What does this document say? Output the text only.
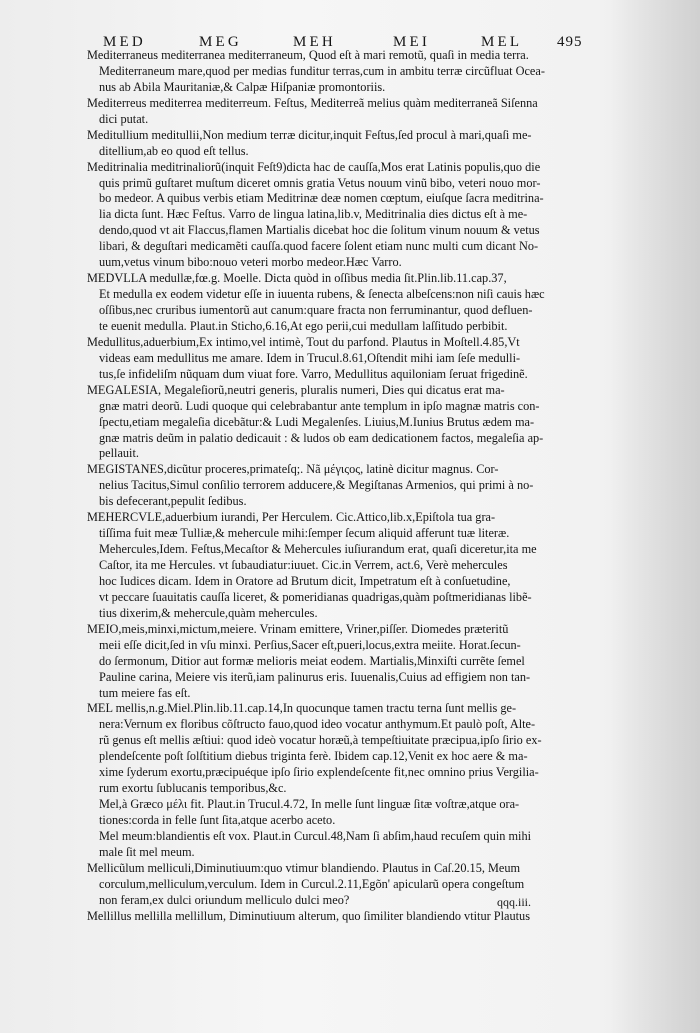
MED	MEG	MEH	MEI	MEL 495
Mediterraneus mediterranea mediterraneum, Quod eſt à mari remotũ, quaſi in media terra.
Mediterraneum mare,quod per medias funditur terras,cum in ambitu terræ circũfluat Ocea-
nus ab Abila Mauritaniæ,& Calpæ Hiſpaniæ promontoriis.
Mediterreus mediterrea mediterreum. Feſtus, Mediterreã melius quàm mediterraneã Siſenna
dici putat.
Meditullium meditullii,Non medium terræ dicitur,inquit Feſtus,ſed procul à mari,quaſi me-
ditellium,ab eo quod eſt tellus.
Meditrinalia meditrinaliorũ(inquit Feſt9)dicta hac de cauſſa,Mos erat Latinis populis,quo die
quis primũ guſtaret muſtum diceret omnis gratia Vetus nouum vinũ bibo, veteri nouo mor-
bo medeor. A quibus verbis etiam Meditrinæ deæ nomen cœptum, eiuſque ſacra meditrina-
lia dicta ſunt. Hæc Feſtus. Varro de lingua latina,lib.v, Meditrinalia dies dictus eſt à me-
dendo,quod vt ait Flaccus,flamen Martialis dicebat hoc die ſolitum vinum nouum & vetus
libari, & deguſtari medicamẽti cauſſa.quod facere ſolent etiam nunc multi cum dicant No-
uum,vetus vinum bibo:nouo veteri morbo medeor.Hæc Varro.
MEDVLLA medullæ,fœ.g. Moelle. Dicta quòd in oſſibus media ſit.Plin.lib.11.cap.37,
Et medulla ex eodem videtur eſſe in iuuenta rubens, & ſenecta albeſcens:non niſi cauis hæc
oſſibus,nec cruribus iumentorũ aut canum:quare fracta non ferruminantur, quod defluen-
te euenit medulla. Plaut.in Sticho,6.16,At ego perii,cui medullam laſſitudo perbibit.
Medullitus,aduerbium,Ex intimo,vel intimè, Tout du parfond. Plautus in Moſtell.4.85,Vt
videas eam medullitus me amare. Idem in Trucul.8.61,Oſtendit mihi iam ſeſe medulli-
tus,ſe infideliſm nũquam dum viuat fore. Varro, Medullitus aquiloniam ſeruat frigedinẽ.
MEGALESIA, Megaleſiorũ,neutri generis, pluralis numeri, Dies qui dicatus erat ma-
gnæ matri deorũ. Ludi quoque qui celebrabantur ante templum in ipſo magnæ matris con-
ſpectu,etiam megaleſia dicebãtur:& Ludi Megalenſes. Liuius,M.Iunius Brutus ædem ma-
gnæ matris deũm in palatio dedicauit : & ludos ob eam dedicationem factos, megaleſia ap-
pellauit.
MEGISTANES,dicũtur proceres,primateſq;. Nã μέγιςος, latinè dicitur magnus. Cor-
nelius Tacitus,Simul conſilio terrorem adducere,& Megiſtanas Armenios, qui primi à no-
bis defecerant,pepulit ſedibus.
MEHERCVLE,aduerbium iurandi, Per Herculem. Cic.Attico,lib.x,Epiſtola tua gra-
tiſſima fuit meæ Tulliæ,& mehercule mihi:ſemper ſecum aliquid afferunt tuæ literæ.
Mehercules,Idem. Feſtus,Mecaſtor & Mehercules iuſiurandum erat, quaſi diceretur,ita me
Caſtor, ita me Hercules. vt ſubaudiatur:iuuet. Cic.in Verrem, act.6, Verè mehercules
hoc Iudices dicam. Idem in Oratore ad Brutum dicit, Impetratum eſt à conſuetudine,
vt peccare ſuauitatis cauſſa liceret, & pomeridianas quadrigas,quàm poſtmeridianas libẽ-
tius dixerim,& mehercule,quàm mehercules.
MEIO,meis,minxi,mictum,meiere. Vrinam emittere, Vriner,piſſer. Diomedes præteritũ
meii eſſe dicit,ſed in vſu minxi. Perſius,Sacer eſt,pueri,locus,extra meiite. Horat.ſecun-
do ſermonum, Ditior aut formæ melioris meiat eodem. Martialis,Minxiſti currẽte ſemel
Pauline carina, Meiere vis iterũ,iam palinurus eris. Iuuenalis,Cuius ad effigiem non tan-
tum meiere fas eſt.
MEL mellis,n.g.Miel.Plin.lib.11.cap.14,In quocunque tamen tractu terna ſunt mellis ge-
nera:Vernum ex floribus cõſtructo fauo,quod ideo vocatur anthymum.Et paulò poſt, Alte-
rũ genus eſt mellis æſtiui: quod ideò vocatur horæũ,à tempeſtiuitate præcipua,ipſo ſirio ex-
plendeſcente poſt ſolſtitium diebus triginta ferè. Ibidem cap.12,Venit ex hoc aere & ma-
xime ſyderum exortu,præcipuéque ipſo ſirio explendeſcente fit,nec omnino prius Vergilia-
rum exortu ſublucanis temporibus,&c.
Mel,à Græco μέλι fit. Plaut.in Trucul.4.72, In melle ſunt linguæ ſitæ voſtræ,atque ora-
tiones:corda in felle ſunt ſita,atque acerbo aceto.
Mel meum:blandientis eſt vox. Plaut.in Curcul.48,Nam ſi abſim,haud recuſem quin mihi
male ſit mel meum.
Mellicũlum melliculi,Diminutiuum:quo vtimur blandiendo. Plautus in Caſ.20.15, Meum
corculum,melliculum,verculum. Idem in Curcul.2.11,Egõn' apicularũ opera congeſtum
non feram,ex dulci oriundum melliculo dulci meo?
Mellillus mellilla mellillum, Diminutiuum alterum, quo ſimiliter blandiendo vtitur Plautus
qqq.iii.
